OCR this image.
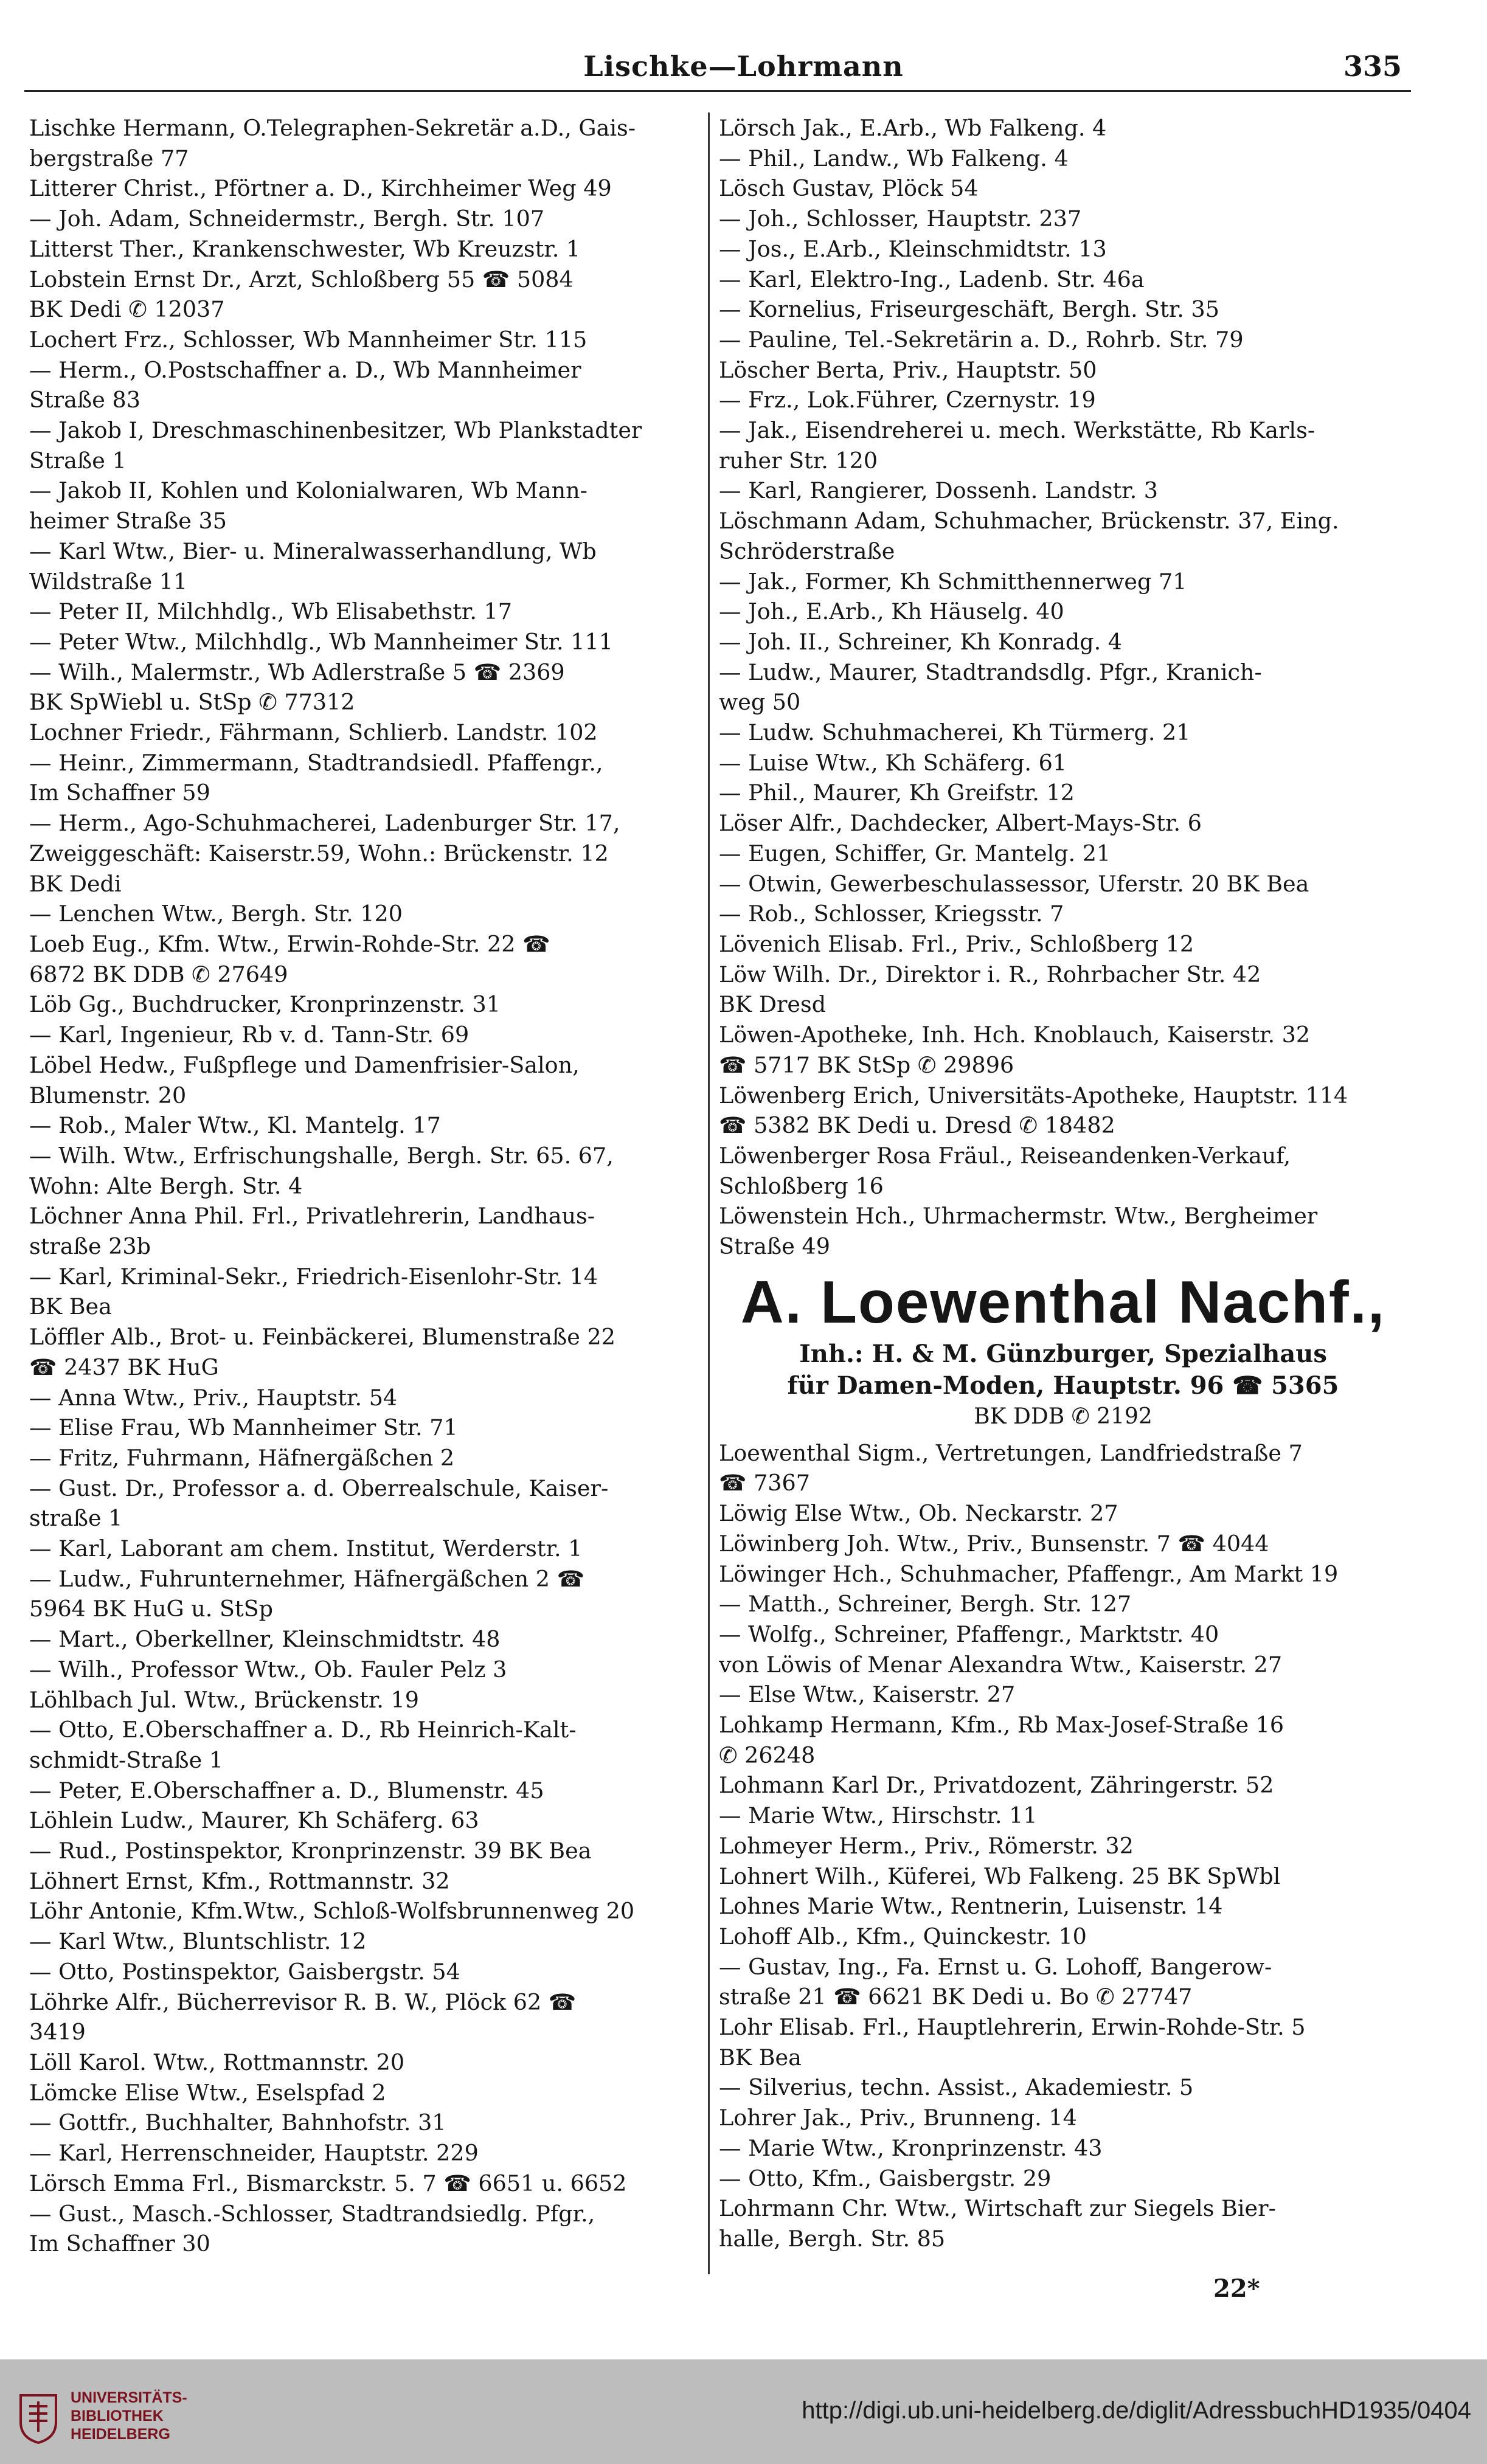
Lischke—Lohrmann	335
Lischke Hermann, O.Telegraphen-Sekretär a.D., Gais-
bergstraße 77
Litterer Christ., Pförtner a. D., Kirchheimer Weg 49
— Joh. Adam, Schneidermstr., Bergh. Str. 107
Litterst Ther., Krankenschwester, Wb Kreuzstr. 1
Lobstein Ernst Dr., Arzt, Schloßberg 55 ☎ 5084
BK Dedi ✆ 12037
Lochert Frz., Schlosser, Wb Mannheimer Str. 115
— Herm., O.Postschaffner a. D., Wb Mannheimer
Straße 83
— Jakob I, Dreschmaschinenbesitzer, Wb Plankstadter
Straße 1
— Jakob II, Kohlen und Kolonialwaren, Wb Mann-
heimer Straße 35
— Karl Wtw., Bier- u. Mineralwasserhandlung, Wb
Wildstraße 11
— Peter II, Milchhdlg., Wb Elisabethstr. 17
— Peter Wtw., Milchhdlg., Wb Mannheimer Str. 111
— Wilh., Malermstr., Wb Adlerstraße 5 ☎ 2369
BK SpWiebl u. StSp ✆ 77312
Lochner Friedr., Fährmann, Schlierb. Landstr. 102
— Heinr., Zimmermann, Stadtrandsiedl. Pfaffengr.,
Im Schaffner 59
— Herm., Ago-Schuhmacherei, Ladenburger Str. 17,
Zweiggeschäft: Kaiserstr.59, Wohn.: Brückenstr. 12
BK Dedi
— Lenchen Wtw., Bergh. Str. 120
Loeb Eug., Kfm. Wtw., Erwin-Rohde-Str. 22 ☎
6872 BK DDB ✆ 27649
Löb Gg., Buchdrucker, Kronprinzenstr. 31
— Karl, Ingenieur, Rb v. d. Tann-Str. 69
Löbel Hedw., Fußpflege und Damenfrisier-Salon,
Blumenstr. 20
— Rob., Maler Wtw., Kl. Mantelg. 17
— Wilh. Wtw., Erfrischungshalle, Bergh. Str. 65. 67,
Wohn: Alte Bergh. Str. 4
Löchner Anna Phil. Frl., Privatlehrerin, Landhaus-
straße 23b
— Karl, Kriminal-Sekr., Friedrich-Eisenlohr-Str. 14
BK Bea
Löffler Alb., Brot- u. Feinbäckerei, Blumenstraße 22
☎ 2437 BK HuG
— Anna Wtw., Priv., Hauptstr. 54
— Elise Frau, Wb Mannheimer Str. 71
— Fritz, Fuhrmann, Häfnergäßchen 2
— Gust. Dr., Professor a. d. Oberrealschule, Kaiser-
straße 1
— Karl, Laborant am chem. Institut, Werderstr. 1
— Ludw., Fuhrunternehmer, Häfnergäßchen 2 ☎
5964 BK HuG u. StSp
— Mart., Oberkellner, Kleinschmidtstr. 48
— Wilh., Professor Wtw., Ob. Fauler Pelz 3
Löhlbach Jul. Wtw., Brückenstr. 19
— Otto, E.Oberschaffner a. D., Rb Heinrich-Kalt-
schmidt-Straße 1
— Peter, E.Oberschaffner a. D., Blumenstr. 45
Löhlein Ludw., Maurer, Kh Schäferg. 63
— Rud., Postinspektor, Kronprinzenstr. 39 BK Bea
Löhnert Ernst, Kfm., Rottmannstr. 32
Löhr Antonie, Kfm.Wtw., Schloß-Wolfsbrunnenweg 20
— Karl Wtw., Bluntschlistr. 12
— Otto, Postinspektor, Gaisbergstr. 54
Löhrke Alfr., Bücherrevisor R. B. W., Plöck 62 ☎
3419
Löll Karol. Wtw., Rottmannstr. 20
Lömcke Elise Wtw., Eselspfad 2
— Gottfr., Buchhalter, Bahnhofstr. 31
— Karl, Herrenschneider, Hauptstr. 229
Lörsch Emma Frl., Bismarckstr. 5. 7 ☎ 6651 u. 6652
— Gust., Masch.-Schlosser, Stadtrandsiedlg. Pfgr.,
Im Schaffner 30
Lörsch Jak., E.Arb., Wb Falkeng. 4
— Phil., Landw., Wb Falkeng. 4
Lösch Gustav, Plöck 54
— Joh., Schlosser, Hauptstr. 237
— Jos., E.Arb., Kleinschmidtstr. 13
— Karl, Elektro-Ing., Ladenb. Str. 46a
— Kornelius, Friseurgeschäft, Bergh. Str. 35
— Pauline, Tel.-Sekretärin a. D., Rohrb. Str. 79
Löscher Berta, Priv., Hauptstr. 50
— Frz., Lok.Führer, Czernystr. 19
— Jak., Eisendreherei u. mech. Werkstätte, Rb Karls-
ruher Str. 120
— Karl, Rangierer, Dossenh. Landstr. 3
Löschmann Adam, Schuhmacher, Brückenstr. 37, Eing.
Schröderstraße
— Jak., Former, Kh Schmitthennerweg 71
— Joh., E.Arb., Kh Häuselg. 40
— Joh. II., Schreiner, Kh Konradg. 4
— Ludw., Maurer, Stadtrandsdlg. Pfgr., Kranich-
weg 50
— Ludw. Schuhmacherei, Kh Türmerg. 21
— Luise Wtw., Kh Schäferg. 61
— Phil., Maurer, Kh Greifstr. 12
Löser Alfr., Dachdecker, Albert-Mays-Str. 6
— Eugen, Schiffer, Gr. Mantelg. 21
— Otwin, Gewerbeschulassessor, Uferstr. 20 BK Bea
— Rob., Schlosser, Kriegsstr. 7
Lövenich Elisab. Frl., Priv., Schloßberg 12
Löw Wilh. Dr., Direktor i. R., Rohrbacher Str. 42
BK Dresd
Löwen-Apotheke, Inh. Hch. Knoblauch, Kaiserstr. 32
☎ 5717 BK StSp ✆ 29896
Löwenberg Erich, Universitäts-Apotheke, Hauptstr. 114
☎ 5382 BK Dedi u. Dresd ✆ 18482
Löwenberger Rosa Fräul., Reiseandenken-Verkauf,
Schloßberg 16
Löwenstein Hch., Uhrmachermstr. Wtw., Bergheimer
Straße 49
A. Loewenthal Nachf.,
Inh.: H. & M. Günzburger, Spezialhaus
für Damen-Moden, Hauptstr. 96 ☎ 5365
BK DDB ✆ 2192
Loewenthal Sigm., Vertretungen, Landfriedstraße 7
☎ 7367
Löwig Else Wtw., Ob. Neckarstr. 27
Löwinberg Joh. Wtw., Priv., Bunsenstr. 7 ☎ 4044
Löwinger Hch., Schuhmacher, Pfaffengr., Am Markt 19
— Matth., Schreiner, Bergh. Str. 127
— Wolfg., Schreiner, Pfaffengr., Marktstr. 40
von Löwis of Menar Alexandra Wtw., Kaiserstr. 27
— Else Wtw., Kaiserstr. 27
Lohkamp Hermann, Kfm., Rb Max-Josef-Straße 16
✆ 26248
Lohmann Karl Dr., Privatdozent, Zähringerstr. 52
— Marie Wtw., Hirschstr. 11
Lohmeyer Herm., Priv., Römerstr. 32
Lohnert Wilh., Küferei, Wb Falkeng. 25 BK SpWbl
Lohnes Marie Wtw., Rentnerin, Luisenstr. 14
Lohoff Alb., Kfm., Quinckestr. 10
— Gustav, Ing., Fa. Ernst u. G. Lohoff, Bangerow-
straße 21 ☎ 6621 BK Dedi u. Bo ✆ 27747
Lohr Elisab. Frl., Hauptlehrerin, Erwin-Rohde-Str. 5
BK Bea
— Silverius, techn. Assist., Akademiestr. 5
Lohrer Jak., Priv., Brunneng. 14
— Marie Wtw., Kronprinzenstr. 43
— Otto, Kfm., Gaisbergstr. 29
Lohrmann Chr. Wtw., Wirtschaft zur Siegels Bier-
halle, Bergh. Str. 85
22*
UNIVERSITÄTS-
BIBLIOTHEK
HEIDELBERG
http://digi.ub.uni-heidelberg.de/diglit/AdressbuchHD1935/0404
